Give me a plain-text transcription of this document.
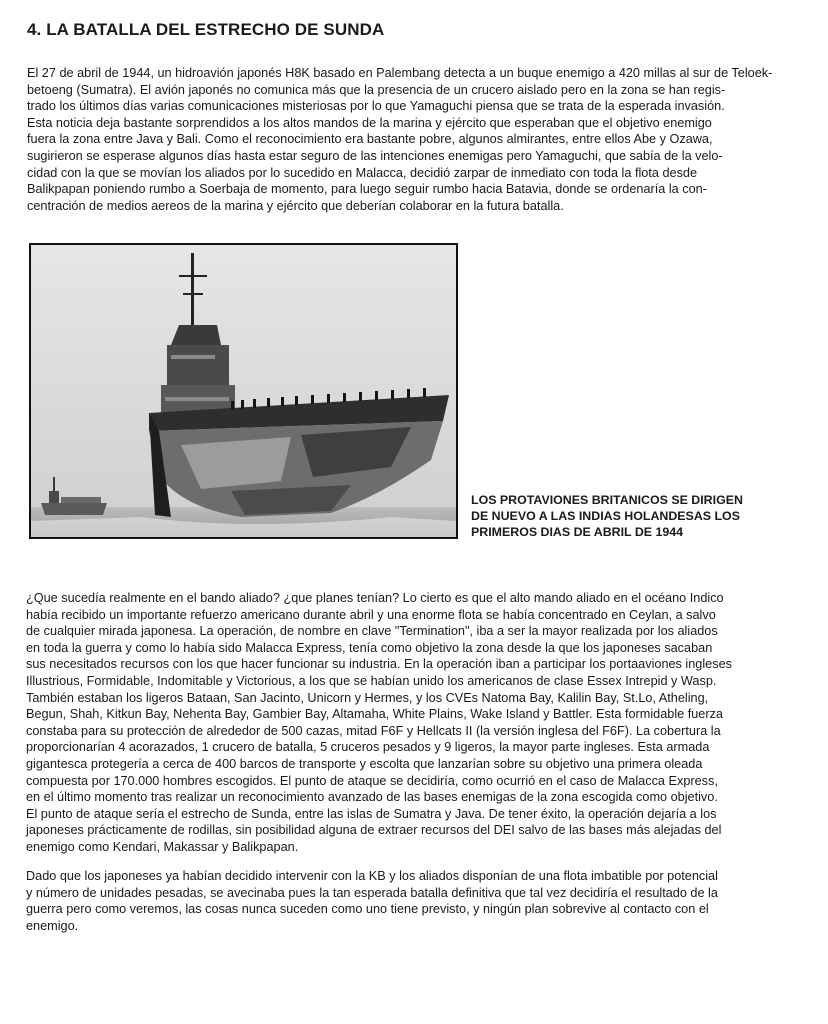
4. LA BATALLA DEL ESTRECHO DE SUNDA

El 27 de abril de 1944, un hidroavión japonés H8K basado en Palembang detecta a un buque enemigo a 420 millas al sur de Teloek-
betoeng (Sumatra). El avión japonés no comunica más que la presencia de un crucero aislado pero en la zona se han regis-
trado los últimos días varias comunicaciones misteriosas por lo que Yamaguchi piensa que se trata de la esperada invasión.
Esta noticia deja bastante sorprendidos a los altos mandos de la marina y ejército que esperaban que el objetivo enemigo
fuera la zona entre Java y Bali. Como el reconocimiento era bastante pobre, algunos almirantes, entre ellos Abe y Ozawa,
sugirieron se esperase algunos días hasta estar seguro de las intenciones enemigas pero Yamaguchi, que sabía de la velo-
cidad con la que se movían los aliados por lo sucedido en Malacca, decidió zarpar de inmediato con toda la flota desde
Balikpapan poniendo rumbo a Soerbaja de momento, para luego seguir rumbo hacia Batavia, donde se ordenaría la con-
centración de medios aereos de la marina y ejército que deberían colaborar en la futura batalla.

LOS PROTAVIONES BRITANICOS SE DIRIGEN
DE NUEVO A LAS INDIAS HOLANDESAS LOS
PRIMEROS DIAS DE ABRIL DE 1944

¿Que sucedía realmente en el bando aliado? ¿que planes tenían? Lo cierto es que el alto mando aliado en el océano Indico
había recibido un importante refuerzo americano durante abril y una enorme flota se había concentrado en Ceylan, a salvo
de cualquier mirada japonesa. La operación, de nombre en clave "Termination", iba a ser la mayor realizada por los aliados
en toda la guerra y como lo había sido Malacca Express, tenía como objetivo la zona desde la que los japoneses sacaban
sus necesitados recursos con los que hacer funcionar su industria. En la operación iban a participar los portaaviones ingleses
Illustrious, Formidable, Indomitable y Victorious, a los que se habían unido los americanos de clase Essex Intrepid y Wasp.
También estaban los ligeros Bataan, San Jacinto, Unicorn y Hermes, y los CVEs Natoma Bay, Kalilin Bay, St.Lo, Atheling,
Begun, Shah, Kitkun Bay, Nehenta Bay, Gambier Bay, Altamaha, White Plains, Wake Island y Battler. Esta formidable fuerza
constaba para su protección de alrededor de 500 cazas, mitad F6F y Hellcats II (la versión inglesa del F6F). La cobertura la
proporcionarían 4 acorazados, 1 crucero de batalla, 5 cruceros pesados y 9 ligeros, la mayor parte ingleses. Esta armada
gigantesca protegería a cerca de 400 barcos de transporte y escolta que lanzarían sobre su objetivo una primera oleada
compuesta por 170.000 hombres escogidos. El punto de ataque se decidiría, como ocurrió en el caso de Malacca Express,
en el último momento tras realizar un reconocimiento avanzado de las bases enemigas de la zona escogida como objetivo.
El punto de ataque sería el estrecho de Sunda, entre las islas de Sumatra y Java. De tener éxito, la operación dejaría a los
japoneses prácticamente de rodillas, sin posibilidad alguna de extraer recursos del DEI salvo de las bases más alejadas del
enemigo como Kendari, Makassar y Balikpapan.

Dado que los japoneses ya habían decidido intervenir con la KB y los aliados disponían de una flota imbatible por potencial
y número de unidades pesadas, se avecinaba pues la tan esperada batalla definitiva que tal vez decidiría el resultado de la
guerra pero como veremos, las cosas nunca suceden como uno tiene previsto, y ningún plan sobrevive al contacto con el
enemigo.
